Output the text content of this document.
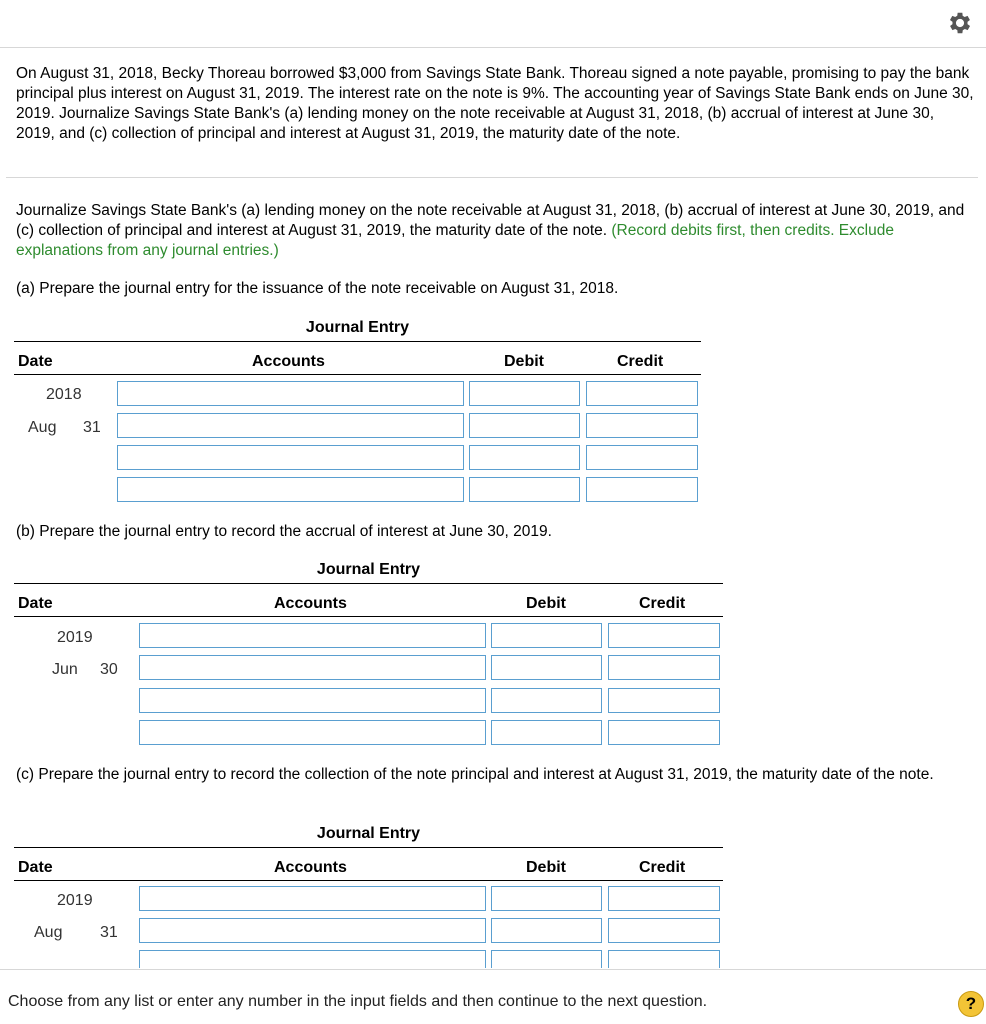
On August 31, 2018, Becky Thoreau borrowed $3,000 from Savings State Bank. Thoreau signed a note payable, promising to pay the bank principal plus interest on August 31, 2019. The interest rate on the note is 9%. The accounting year of Savings State Bank ends on June 30, 2019. Journalize Savings State Bank's (a) lending money on the note receivable at August 31, 2018, (b) accrual of interest at June 30, 2019, and (c) collection of principal and interest at August 31, 2019, the maturity date of the note.

Journalize Savings State Bank's (a) lending money on the note receivable at August 31, 2018, (b) accrual of interest at June 30, 2019, and (c) collection of principal and interest at August 31, 2019, the maturity date of the note. (Record debits first, then credits. Exclude explanations from any journal entries.)

(a) Prepare the journal entry for the issuance of the note receivable on August 31, 2018.

Journal Entry
Date	Accounts	Debit	Credit
2018
Aug 31

(b) Prepare the journal entry to record the accrual of interest at June 30, 2019.

Journal Entry
Date	Accounts	Debit	Credit
2019
Jun 30

(c) Prepare the journal entry to record the collection of the note principal and interest at August 31, 2019, the maturity date of the note.

Journal Entry
Date	Accounts	Debit	Credit
2019
Aug 31
Choose from any list or enter any number in the input fields and then continue to the next question.	?
